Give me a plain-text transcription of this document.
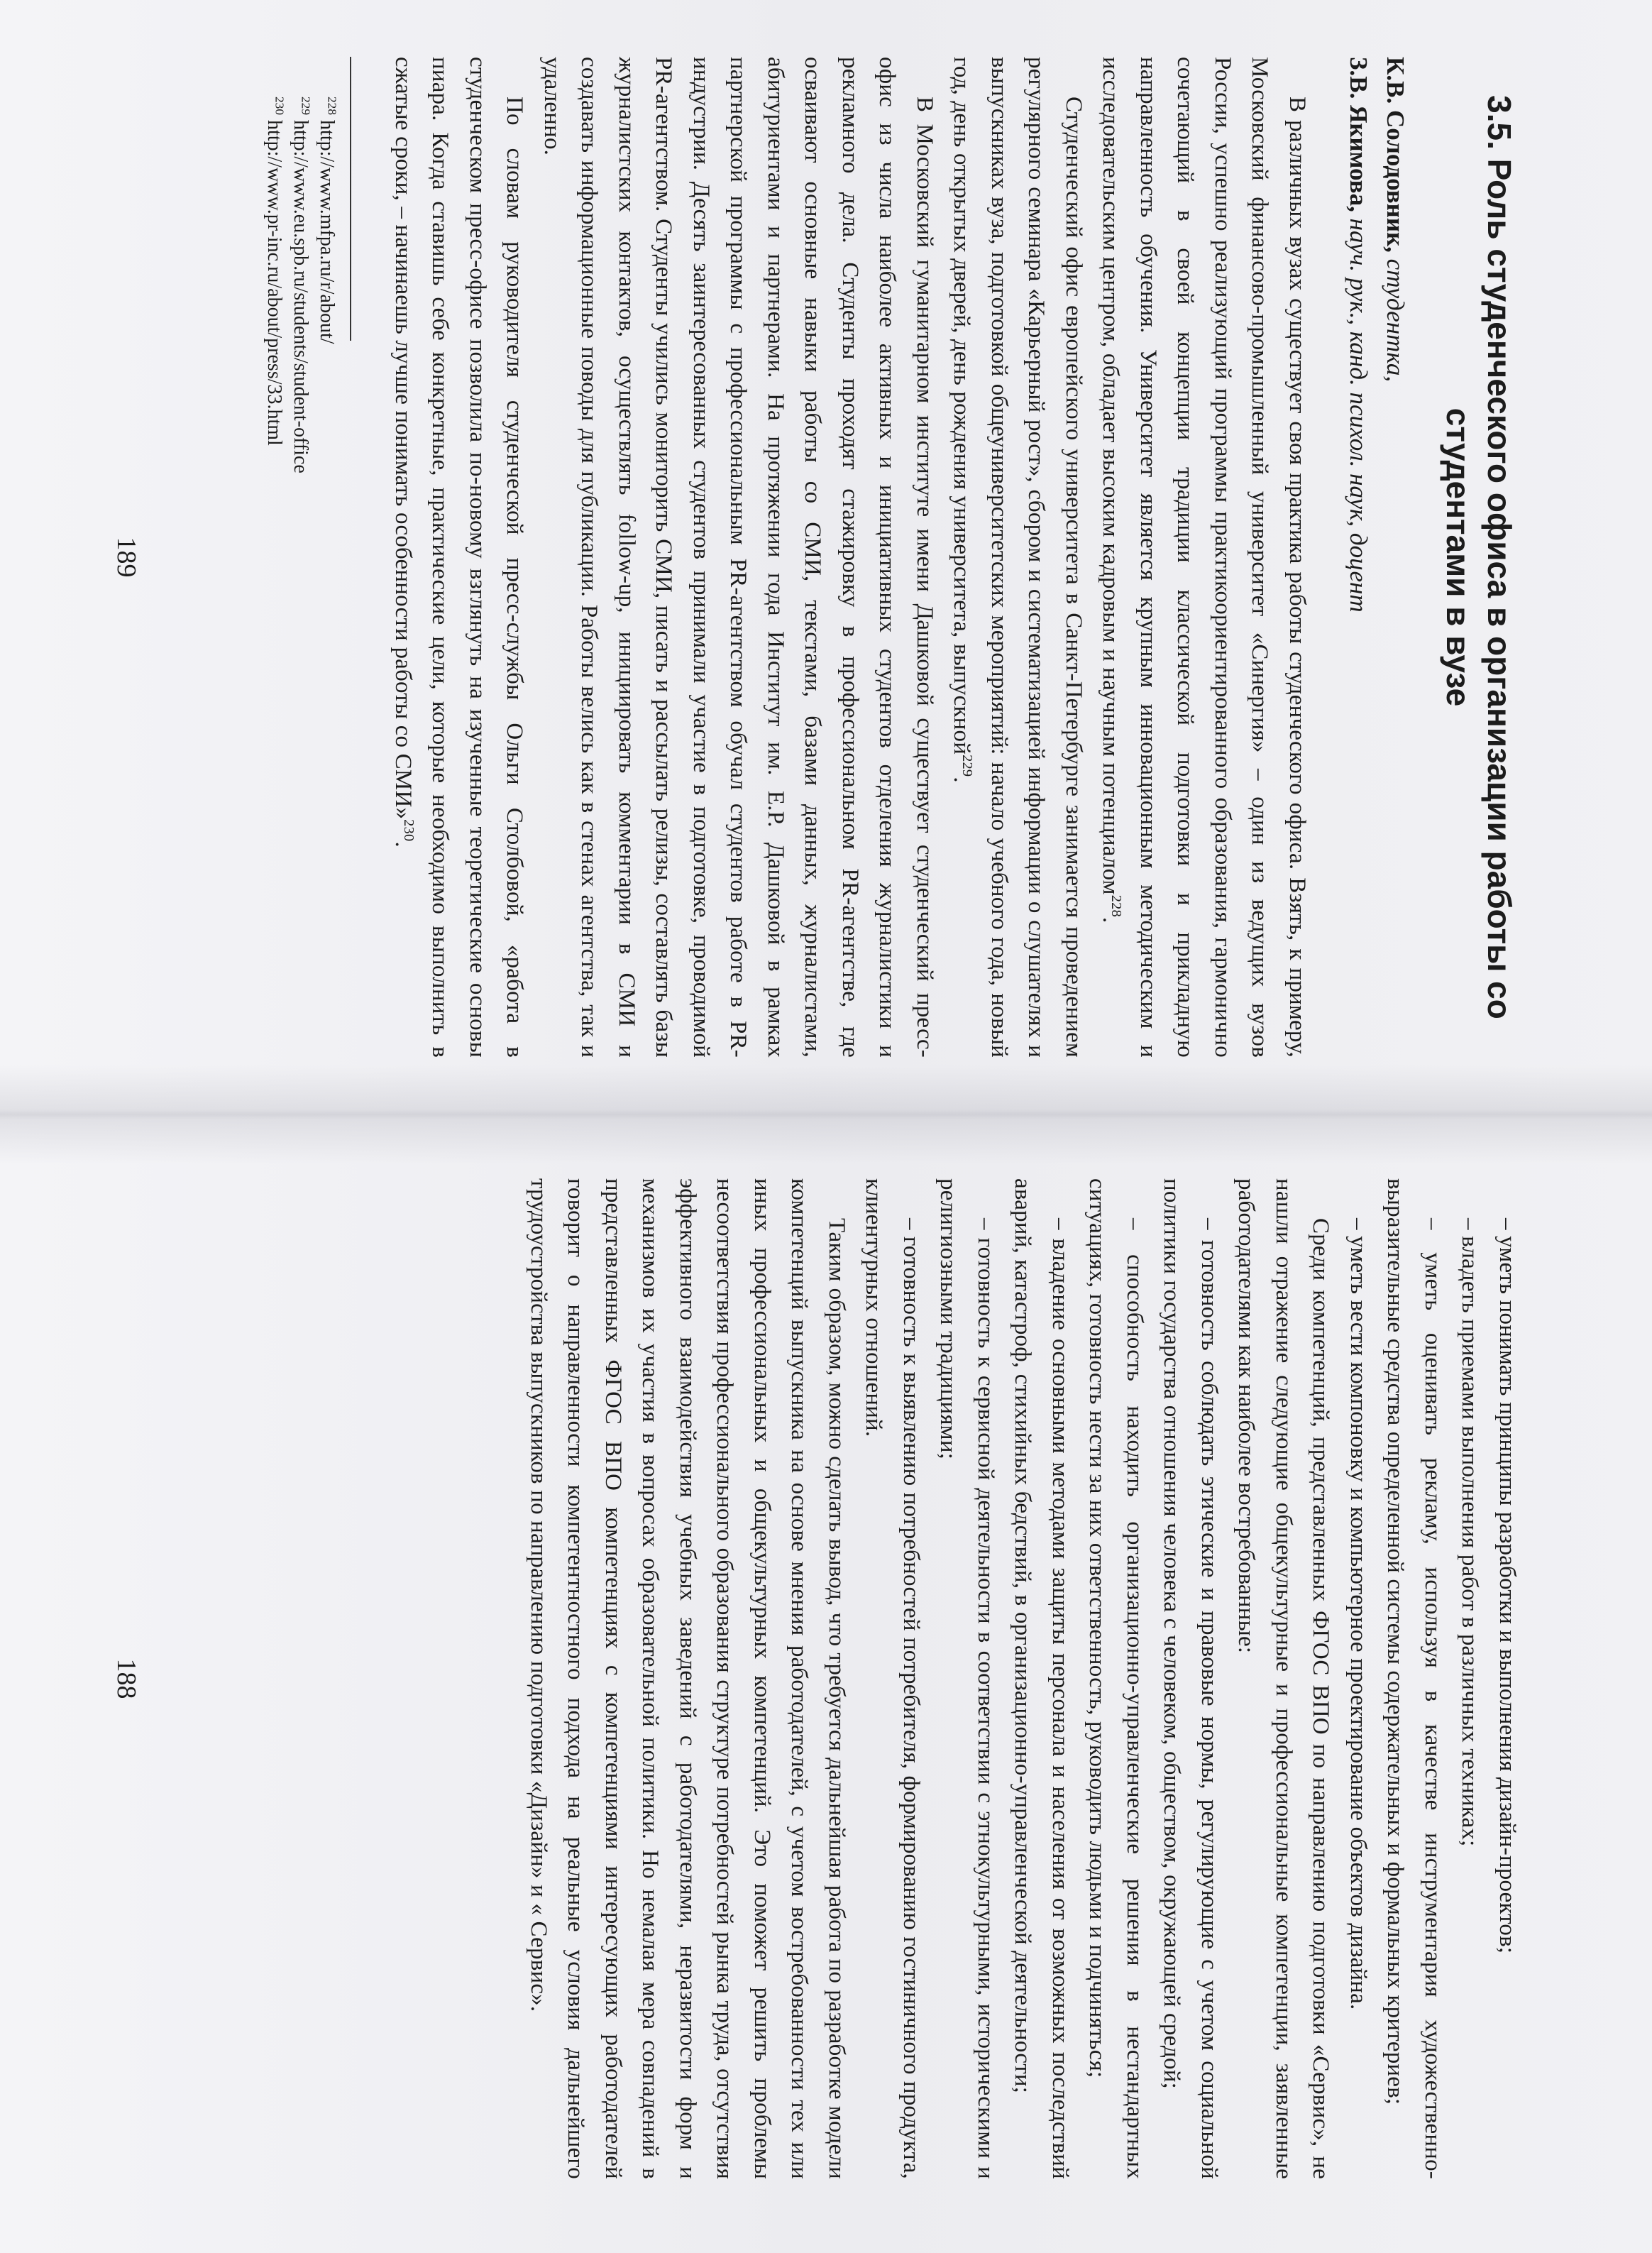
– уметь понимать принципы разработки и выполнения дизайн-проектов;

– владеть приемами выполнения работ в различных техниках;

– уметь оценивать рекламу, используя в качестве инструментария художественно-выразительные средства определенной системы содержательных и формальных критериев;

– уметь вести компоновку и компьютерное проектирование объектов дизайна.

Среди компетенций, представленных ФГОС ВПО по направлению подготовки «Сервис», не нашли отражение следующие общекультурные и профессиональные компетенции, заявленные работодателями как наиболее востребованные:

– готовность соблюдать этические и правовые нормы, регулирующие с учетом социальной политики государства отношения человека с человеком, обществом, окружающей средой;

– способность находить организационно-управленческие решения в нестандартных ситуациях, готовность нести за них ответственность, руководить людьми и подчиняться;

– владение основными методами защиты персонала и населения от возможных последствий аварий, катастроф, стихийных бедствий, в организационно-управленческой деятельности;

– готовность к сервисной деятельности в соответствии с этнокультурными, историческими и религиозными традициями;

– готовность к выявлению потребностей потребителя, формированию гостиничного продукта, клиентурных отношений.

Таким образом, можно сделать вывод, что требуется дальнейшая работа по разработке модели компетенций выпускника на основе мнения работодателей, с учетом востребованности тех или иных профессиональных и общекультурных компетенций. Это поможет решить проблемы несоответствия профессионального образования структуре потребностей рынка труда, отсутствия эффективного взаимодействия учебных заведений с работодателями, неразвитости форм и механизмов их участия в вопросах образовательной политики. Но немалая мера совпадений в представленных ФГОС ВПО компетенциях с компетенциями интересующих работодателей говорит о направленности компетентностного подхода на реальные условия дальнейшего трудоустройства выпускников по направлению подготовки «Дизайн» и « Сервис».

188
3.5. Роль студенческого офиса в организации работы со студентами в вузе
К.В. Солодовник, студентка,
З.В. Якимова, науч. рук., канд. психол. наук, доцент

В различных вузах существует своя практика работы студенческого офиса. Взять, к примеру, Московский финансово-промышленный университет «Синергия» – один из ведущих вузов России, успешно реализующий программы практикоориентированного образования, гармонично сочетающий в своей концепции традиции классической подготовки и прикладную направленность обучения. Университет является крупным инновационным методическим и исследовательским центром, обладает высоким кадровым и научным потенциалом$^{228}$.

Студенческий офис европейского университета в Санкт-Петербурге занимается проведением регулярного семинара «Карьерный рост», сбором и систематизацией информации о слушателях и выпускниках вуза, подготовкой общеуниверситетских мероприятий: начало учебного года, новый год, день открытых дверей, день рождения университета, выпускной$^{229}$.

В Московский гуманитарном институте имени Дашковой существует студенческий пресс-офис из числа наиболее активных и инициативных студентов отделения журналистики и рекламного дела. Студенты проходят стажировку в профессиональном PR-агентстве, где осваивают основные навыки работы со СМИ, текстами, базами данных, журналистами, абитуриентами и партнерами. На протяжении года Институт им. Е.Р. Дашковой в рамках партнерской программы с профессиональным PR-агентством обучал студентов работе в PR-индустрии. Десять заинтересованных студентов принимали участие в подготовке, проводимой PR-агентством. Студенты учились мониторить СМИ, писать и рассылать релизы, составлять базы журналистских контактов, осуществлять follow-up, инициировать комментарии в СМИ и создавать информационные поводы для публикации. Работы велись как в стенах агентства, так и удаленно.

По словам руководителя студенческой пресс-службы Ольги Столбовой, «работа в студенческом пресс-офисе позволила по-новому взглянуть на изученные теоретические основы пиара. Когда ставишь себе конкретные, практические цели, которые необходимо выполнить в сжатые сроки, – начинаешь лучше понимать особенности работы со СМИ»$^{230}$.

$^{228}$ http://www.mfpa.ru/r/about/
$^{229}$ http://www.eu.spb.ru/students/student-office
$^{230}$ http://www.pr-inc.ru/about/press/33.html
189
